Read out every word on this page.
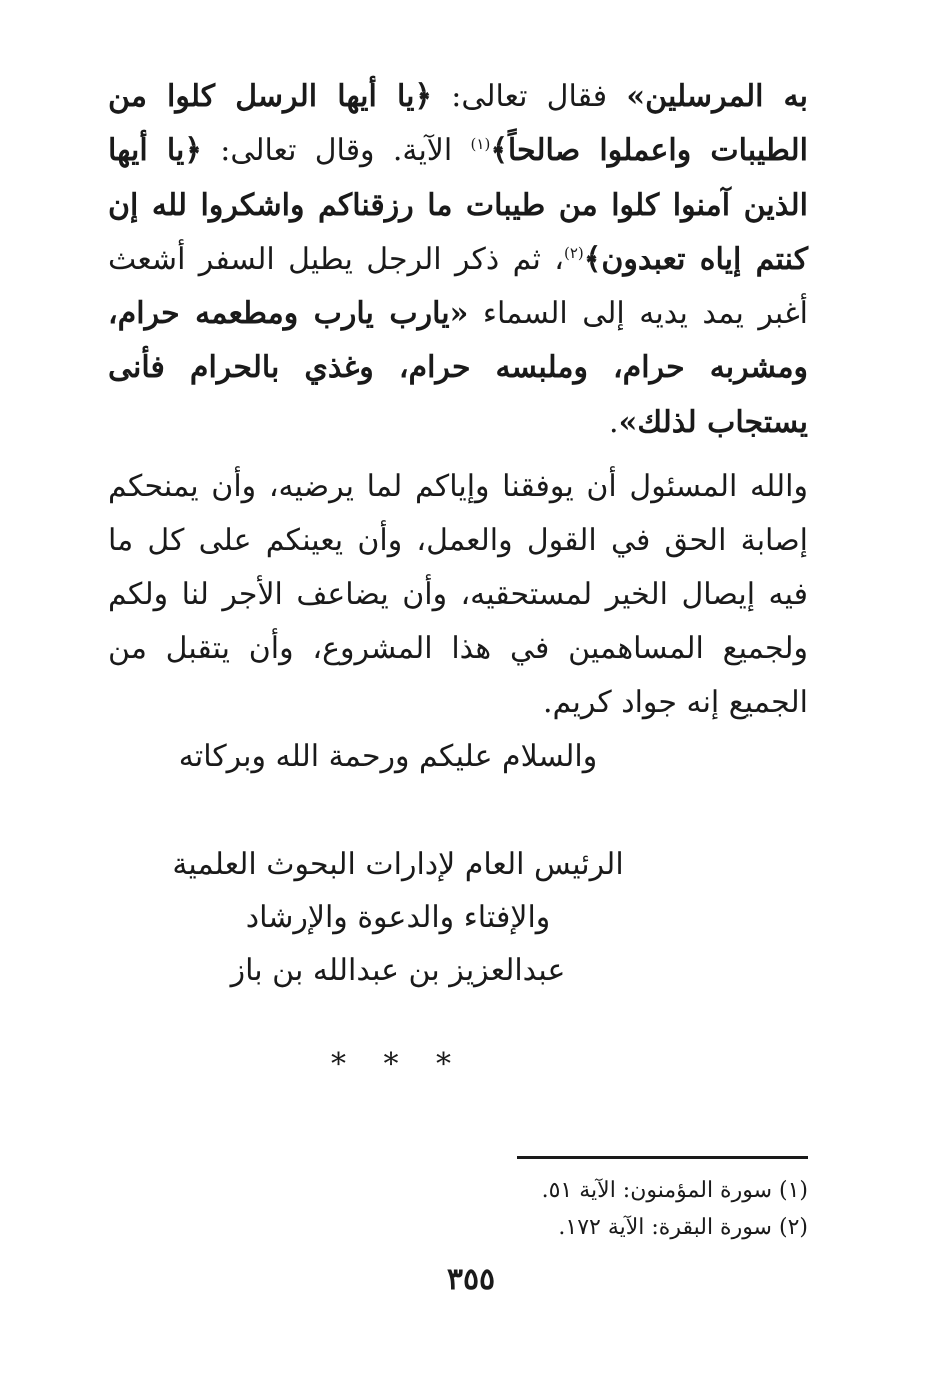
به المرسلين» فقال تعالى: ﴿يا أيها الرسل كلوا من الطيبات واعملوا صالحاً﴾$^{(١)}$ الآية. وقال تعالى: ﴿يا أيها الذين آمنوا كلوا من طيبات ما رزقناكم واشكروا لله إن كنتم إياه تعبدون﴾$^{(٢)}$، ثم ذكر الرجل يطيل السفر أشعث أغبر يمد يديه إلى السماء «يارب يارب ومطعمه حرام، ومشربه حرام، وملبسه حرام، وغذي بالحرام فأنى يستجاب لذلك».

والله المسئول أن يوفقنا وإياكم لما يرضيه، وأن يمنحكم إصابة الحق في القول والعمل، وأن يعينكم على كل ما فيه إيصال الخير لمستحقيه، وأن يضاعف الأجر لنا ولكم ولجميع المساهمين في هذا المشروع، وأن يتقبل من الجميع إنه جواد كريم.

والسلام عليكم ورحمة الله وبركاته

الرئيس العام لإدارات البحوث العلمية
والإفتاء والدعوة والإرشاد
عبدالعزيز بن عبدالله بن باز
* * *
(١) سورة المؤمنون: الآية ٥١.
(٢) سورة البقرة: الآية ١٧٢.
٣٥٥
